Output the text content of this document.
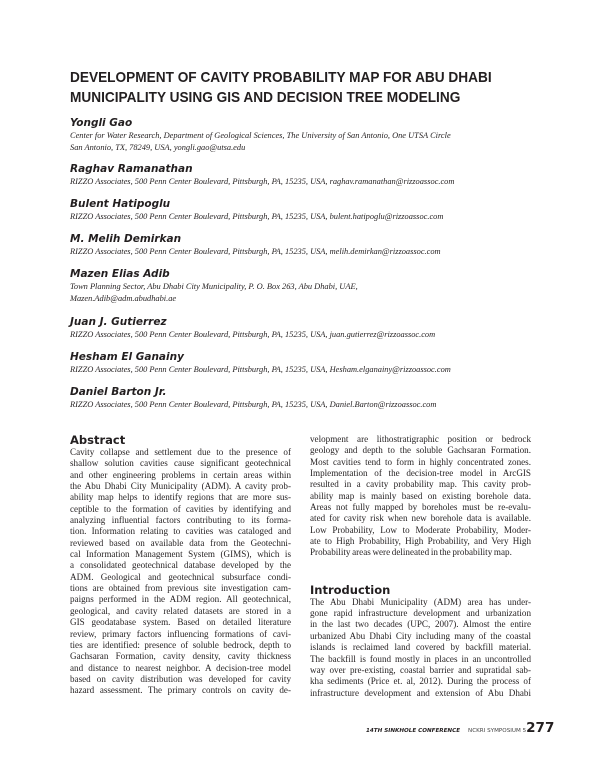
DEVELOPMENT OF CAVITY PROBABILITY MAP FOR ABU DHABI
MUNICIPALITY USING GIS AND DECISION TREE MODELING
Yongli Gao
Center for Water Research, Department of Geological Sciences, The University of San Antonio, One UTSA Circle
San Antonio, TX, 78249, USA, yongli.gao@utsa.edu
Raghav Ramanathan
RIZZO Associates, 500 Penn Center Boulevard, Pittsburgh, PA, 15235, USA, raghav.ramanathan@rizzoassoc.com
Bulent Hatipoglu
RIZZO Associates, 500 Penn Center Boulevard, Pittsburgh, PA, 15235, USA, bulent.hatipoglu@rizzoassoc.com
M. Melih Demirkan
RIZZO Associates, 500 Penn Center Boulevard, Pittsburgh, PA, 15235, USA, melih.demirkan@rizzoassoc.com
Mazen Elias Adib
Town Planning Sector, Abu Dhabi City Municipality, P. O. Box 263, Abu Dhabi, UAE,
Mazen.Adib@adm.abudhabi.ae
Juan J. Gutierrez
RIZZO Associates, 500 Penn Center Boulevard, Pittsburgh, PA, 15235, USA, juan.gutierrez@rizzoassoc.com
Hesham El Ganainy
RIZZO Associates, 500 Penn Center Boulevard, Pittsburgh, PA, 15235, USA, Hesham.elganainy@rizzoassoc.com
Daniel Barton Jr.
RIZZO Associates, 500 Penn Center Boulevard, Pittsburgh, PA, 15235, USA, Daniel.Barton@rizzoassoc.com
Abstract
Cavity collapse and settlement due to the presence of
shallow solution cavities cause significant geotechnical
and other engineering problems in certain areas within
the Abu Dhabi City Municipality (ADM). A cavity prob-
ability map helps to identify regions that are more sus-
ceptible to the formation of cavities by identifying and
analyzing influential factors contributing to its forma-
tion. Information relating to cavities was cataloged and
reviewed based on available data from the Geotechni-
cal Information Management System (GIMS), which is
a consolidated geotechnical database developed by the
ADM. Geological and geotechnical subsurface condi-
tions are obtained from previous site investigation cam-
paigns performed in the ADM region. All geotechnical,
geological, and cavity related datasets are stored in a
GIS geodatabase system. Based on detailed literature
review, primary factors influencing formations of cavi-
ties are identified: presence of soluble bedrock, depth to
Gachsaran Formation, cavity density, cavity thickness
and distance to nearest neighbor. A decision-tree model
based on cavity distribution was developed for cavity
hazard assessment. The primary controls on cavity de-
velopment are lithostratigraphic position or bedrock
geology and depth to the soluble Gachsaran Formation.
Most cavities tend to form in highly concentrated zones.
Implementation of the decision-tree model in ArcGIS
resulted in a cavity probability map. This cavity prob-
ability map is mainly based on existing borehole data.
Areas not fully mapped by boreholes must be re-evalu-
ated for cavity risk when new borehole data is available.
Low Probability, Low to Moderate Probability, Moder-
ate to High Probability, High Probability, and Very High
Probability areas were delineated in the probability map.
Introduction
The Abu Dhabi Municipality (ADM) area has under-
gone rapid infrastructure development and urbanization
in the last two decades (UPC, 2007). Almost the entire
urbanized Abu Dhabi City including many of the coastal
islands is reclaimed land covered by backfill material.
The backfill is found mostly in places in an uncontrolled
way over pre-existing, coastal barrier and supratidal sab-
kha sediments (Price et. al, 2012). During the process of
infrastructure development and extension of Abu Dhabi
14TH SINKHOLE CONFERENCE NCKRI SYMPOSIUM 5 277
